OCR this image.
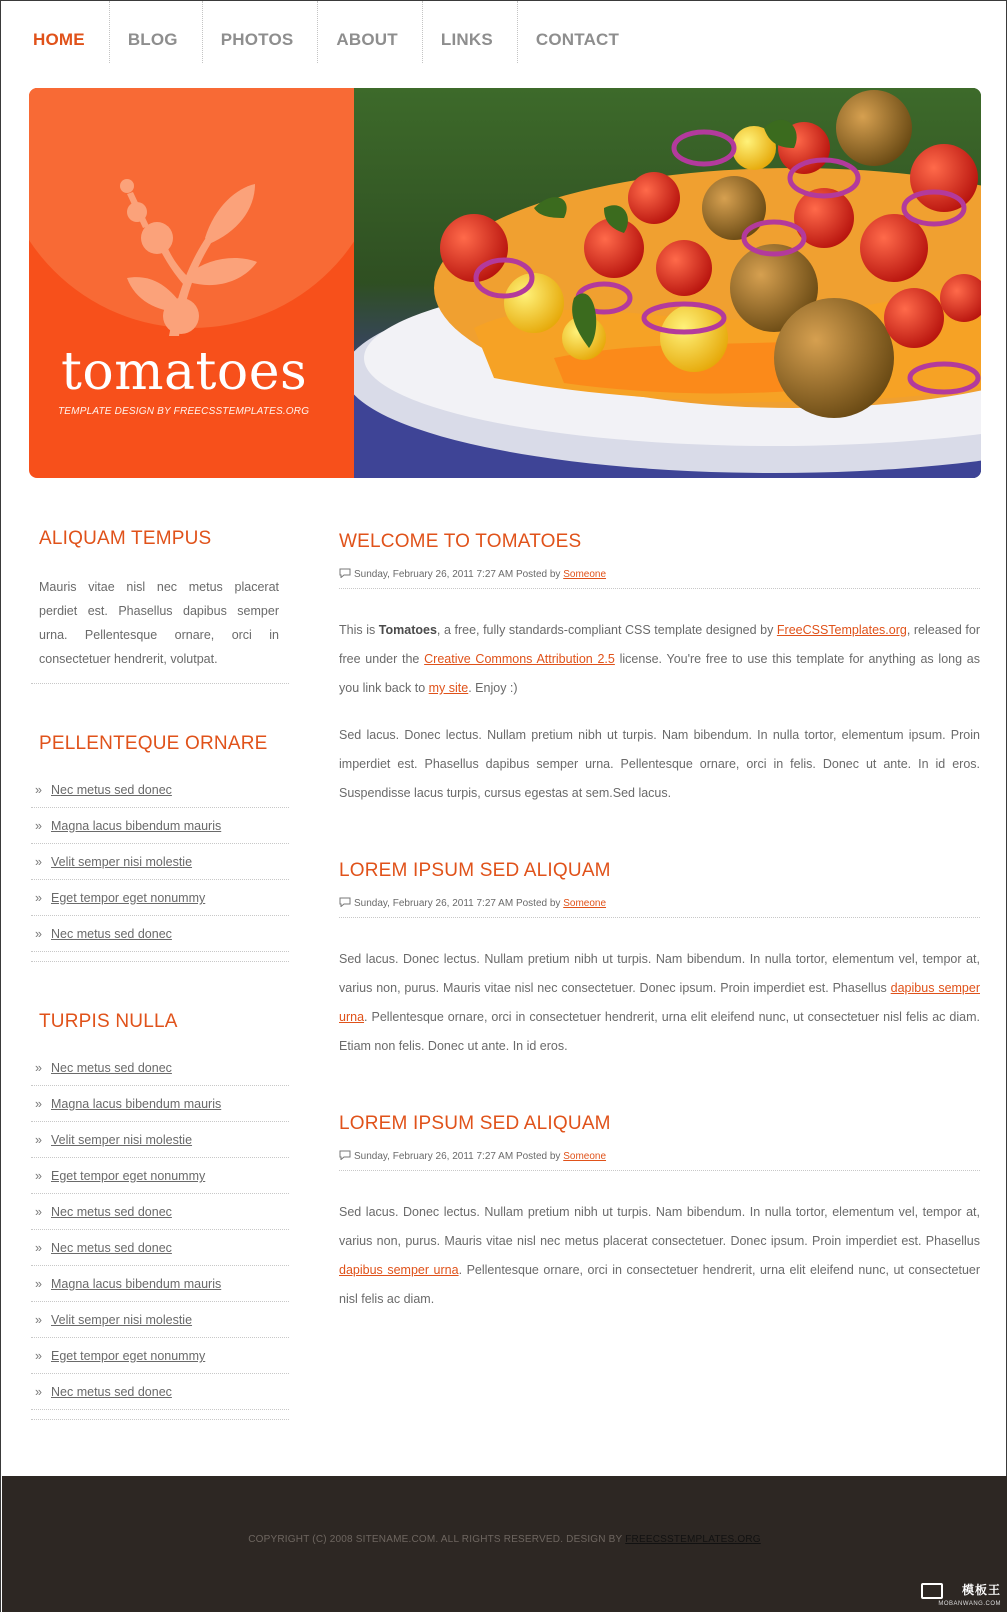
HOME	BLOG	PHOTOS	ABOUT	LINKS	CONTACT
tomatoes
TEMPLATE DESIGN BY FREECSSTEMPLATES.ORG
ALIQUAM TEMPUS

Mauris vitae nisl nec metus placerat perdiet est. Phasellus dapibus semper urna. Pellentesque ornare, orci in consectetuer hendrerit, volutpat.

PELLENTEQUE ORNARE
» Nec metus sed donec
» Magna lacus bibendum mauris
» Velit semper nisi molestie
» Eget tempor eget nonummy
» Nec metus sed donec
TURPIS NULLA
» Nec metus sed donec
» Magna lacus bibendum mauris
» Velit semper nisi molestie
» Eget tempor eget nonummy
» Nec metus sed donec
» Nec metus sed donec
» Magna lacus bibendum mauris
» Velit semper nisi molestie
» Eget tempor eget nonummy
» Nec metus sed donec
WELCOME TO TOMATOES
Sunday, February 26, 2011 7:27 AM Posted by Someone

This is Tomatoes, a free, fully standards-compliant CSS template designed by FreeCSSTemplates.org, released for free under the Creative Commons Attribution 2.5 license. You're free to use this template for anything as long as you link back to my site. Enjoy :)

Sed lacus. Donec lectus. Nullam pretium nibh ut turpis. Nam bibendum. In nulla tortor, elementum ipsum. Proin imperdiet est. Phasellus dapibus semper urna. Pellentesque ornare, orci in felis. Donec ut ante. In id eros. Suspendisse lacus turpis, cursus egestas at sem.Sed lacus.

LOREM IPSUM SED ALIQUAM
Sunday, February 26, 2011 7:27 AM Posted by Someone

Sed lacus. Donec lectus. Nullam pretium nibh ut turpis. Nam bibendum. In nulla tortor, elementum vel, tempor at, varius non, purus. Mauris vitae nisl nec consectetuer. Donec ipsum. Proin imperdiet est. Phasellus dapibus semper urna. Pellentesque ornare, orci in consectetuer hendrerit, urna elit eleifend nunc, ut consectetuer nisl felis ac diam. Etiam non felis. Donec ut ante. In id eros.

LOREM IPSUM SED ALIQUAM
Sunday, February 26, 2011 7:27 AM Posted by Someone

Sed lacus. Donec lectus. Nullam pretium nibh ut turpis. Nam bibendum. In nulla tortor, elementum vel, tempor at, varius non, purus. Mauris vitae nisl nec metus placerat consectetuer. Donec ipsum. Proin imperdiet est. Phasellus dapibus semper urna. Pellentesque ornare, orci in consectetuer hendrerit, urna elit eleifend nunc, ut consectetuer nisl felis ac diam.

COPYRIGHT (C) 2008 SITENAME.COM. ALL RIGHTS RESERVED. DESIGN BY FREECSSTEMPLATES.ORG
模板王
MOBANWANG.COM
